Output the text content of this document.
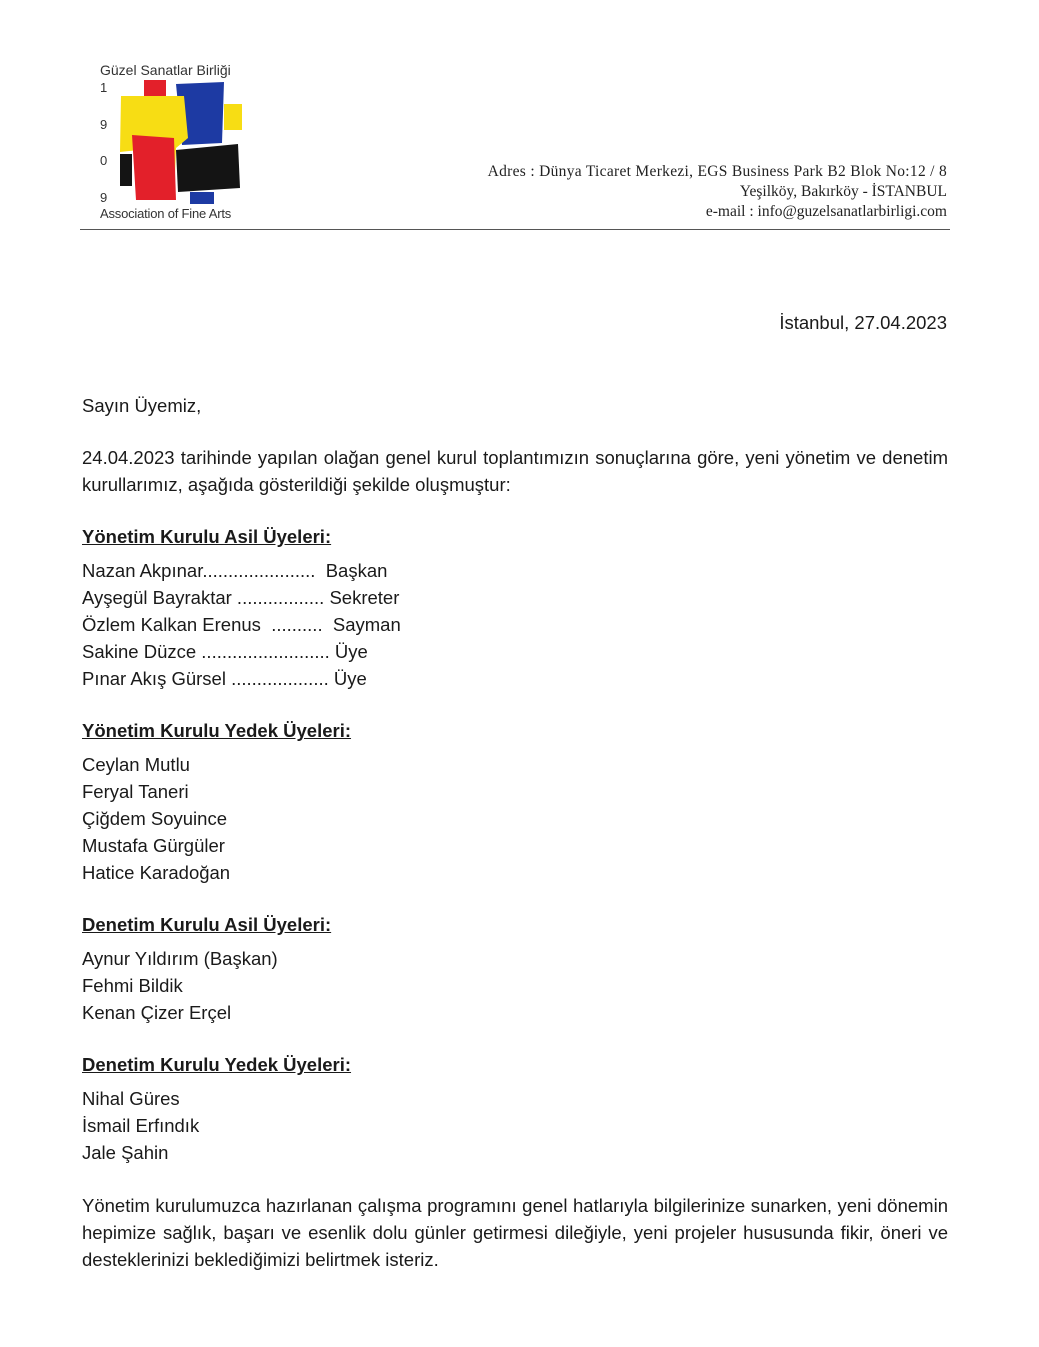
Güzel Sanatlar Birliği
1
9
0
9
Association of Fine Arts
Adres : Dünya Ticaret Merkezi, EGS Business Park B2 Blok No:12 / 8
Yeşilköy, Bakırköy - İSTANBUL
e-mail : info@guzelsanatlarbirligi.com
İstanbul, 27.04.2023

Sayın Üyemiz,

24.04.2023 tarihinde yapılan olağan genel kurul toplantımızın sonuçlarına göre, yeni yönetim ve denetim kurullarımız, aşağıda gösterildiği şekilde oluşmuştur:

Yönetim Kurulu Asil Üyeleri:

Nazan Akpınar......................  Başkan

Ayşegül Bayraktar ................. Sekreter

Özlem Kalkan Erenus  ..........  Sayman

Sakine Düzce ......................... Üye

Pınar Akış Gürsel ................... Üye

Yönetim Kurulu Yedek Üyeleri:

Ceylan Mutlu

Feryal Taneri

Çiğdem Soyuince

Mustafa Gürgüler

Hatice Karadoğan

Denetim Kurulu Asil Üyeleri:

Aynur Yıldırım (Başkan)

Fehmi Bildik

Kenan Çizer Erçel

Denetim Kurulu Yedek Üyeleri:

Nihal Güres

İsmail Erfındık

Jale Şahin

Yönetim kurulumuzca hazırlanan çalışma programını genel hatlarıyla bilgilerinize sunarken, yeni dönemin hepimize sağlık, başarı ve esenlik dolu günler getirmesi dileğiyle, yeni projeler hususunda fikir, öneri ve desteklerinizi beklediğimizi belirtmek isteriz.
